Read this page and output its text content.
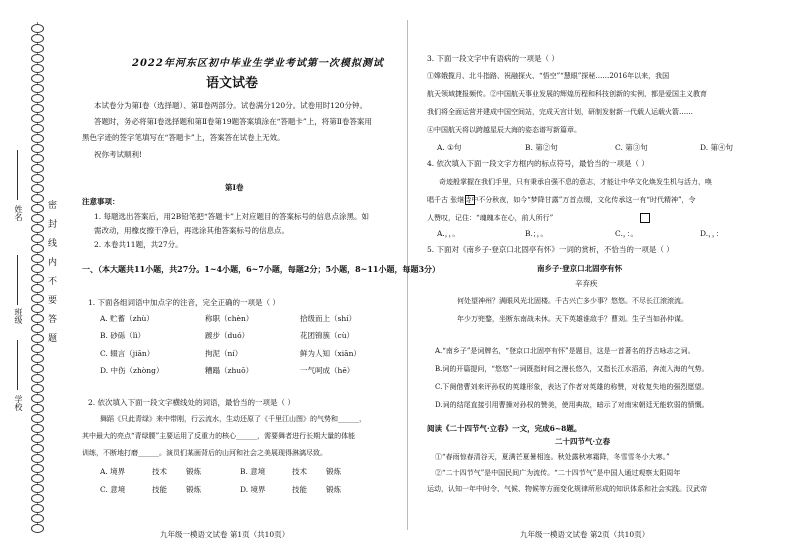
密封线内不要答题
姓名
班级
学校
2022年河东区初中毕业生学业考试第一次模拟测试
语文试卷
本试卷分为第Ⅰ卷（选择题）、第Ⅱ卷两部分。试卷满分120分。试卷用时120分钟。
答题时，务必将第Ⅰ卷选择题和第Ⅱ卷第19题答案填涂在“答题卡”上，将第Ⅱ卷答案用
黑色字迹的签字笔填写在“答题卡”上，答案答在试卷上无效。
祝你考试顺利!
第Ⅰ卷
注意事项：
1. 每题选出答案后，用2B铅笔把“答题卡”上对应题目的答案标号的信息点涂黑。如
需改动，用橡皮擦干净后，再选涂其他答案标号的信息点。
2. 本卷共11题，共27分。
一、（本大题共11小题，共27分。1~4小题，6~7小题，每题2分；5小题，8~11小题，每题3分）
1. 下面各组词语中加点字的注音，完全正确的一项是（ ）
A. 贮蓄（zhù）	称职（chèn）	拾级而上（shí）
B. 砂砾（lì）	踱步（duó）	花团锦簇（cù）
C. 辍言（jiān）	拘泥（ní）	鲜为人知（xiān）
D. 中伤（zhòng）	糟蹋（zhuō）	一气呵成（hē）
2. 依次填入下面一段文字横线处的词语，最恰当的一项是（ ）
舞蹈《只此青绿》来中带刚，行云流水，生动还原了《千里江山图》的气势和______，
其中最大的亮点“青绿腰”主要运用了反重力的核心______，需要舞者进行长期大量的体能
训练，不断地打磨______。演员们某画背后的山河和社会之美展现得淋漓尽致。
A. 境界	技术	锻炼	B. 意境	技术	锻炼
C. 意境	技能	锻炼	D. 境界	技能	锻炼
九年级一模语文试卷 第1页（共10页）
3. 下面一段文字中有语病的一项是（ ）
①嫦娥揽月、北斗指路、祝融探火、“悟空”“慧眼”探秘……2016年以来，我国
航天领域捷报频传。②中国航天事业发展的辉煌历程和科技创新的实例，都是爱国主义教育
我们将全面运营并建成中国空间站，完成天宫计划，研制发射新一代载人运载火箭……
④中国航天将以跨越星辰大海的姿态谱写新篇章。
A. ①句	B. 第②句	C. 第③句	D. 第④句
4. 依次填入下面一段文字方框内的标点符号，最恰当的一项是（ ）
奇迹般掌握在我们手里，只有秉承自强不息的意志，才能让中华文化焕发生机与活力，唤
唱千古 张继诗中不分秋夜，如今“梦降甘露”万首点缀，文化传承这一有“时代精神”，令
人赞叹，记住：“魂魄本在心，前人所行”
A.，，。	B.；，。	C.，：。	D.，，：
5. 下面对《南乡子·登京口北固亭有怀》一词的赏析，不恰当的一项是（ ）
南乡子·登京口北固亭有怀
辛弃疾
何处望神州？满眼风光北固楼。千古兴亡多少事？悠悠。不尽长江滚滚流。
年少万兜鍪，坐断东南战未休。天下英雄谁敌手？曹刘。生子当如孙仲谋。
A.“南乡子”是词牌名，“登京口北固亭有怀”是题目，这是一首著名的抒古咏志之词。
B.词的开篇提问，“悠悠”一词既指时间之漫长悠久，又指长江水滔滔，奔流入海的气势。
C.下阕借曹刘来评孙权的英雄形象，表达了作者对英雄的称赞，对收复失地的强烈愿望。
D.词的结尾直接引用曹操对孙权的赞美，使用典故，暗示了对南宋朝廷无能软弱的愤慨。
阅读《二十四节气·立春》一文，完成6~8题。
二十四节气·立春
①“春雨惊春清谷天，夏满芒夏暑相连。秋处露秋寒霜降，冬雪雪冬小大寒。”
②“二十四节气”是中国民间广为流传。“二十四节气”是中国人通过观察太阳周年
运动，认知一年中时令、气候、物候等方面变化规律所形成的知识体系和社会实践。汉武帝
九年级一模语文试卷 第2页（共10页）
